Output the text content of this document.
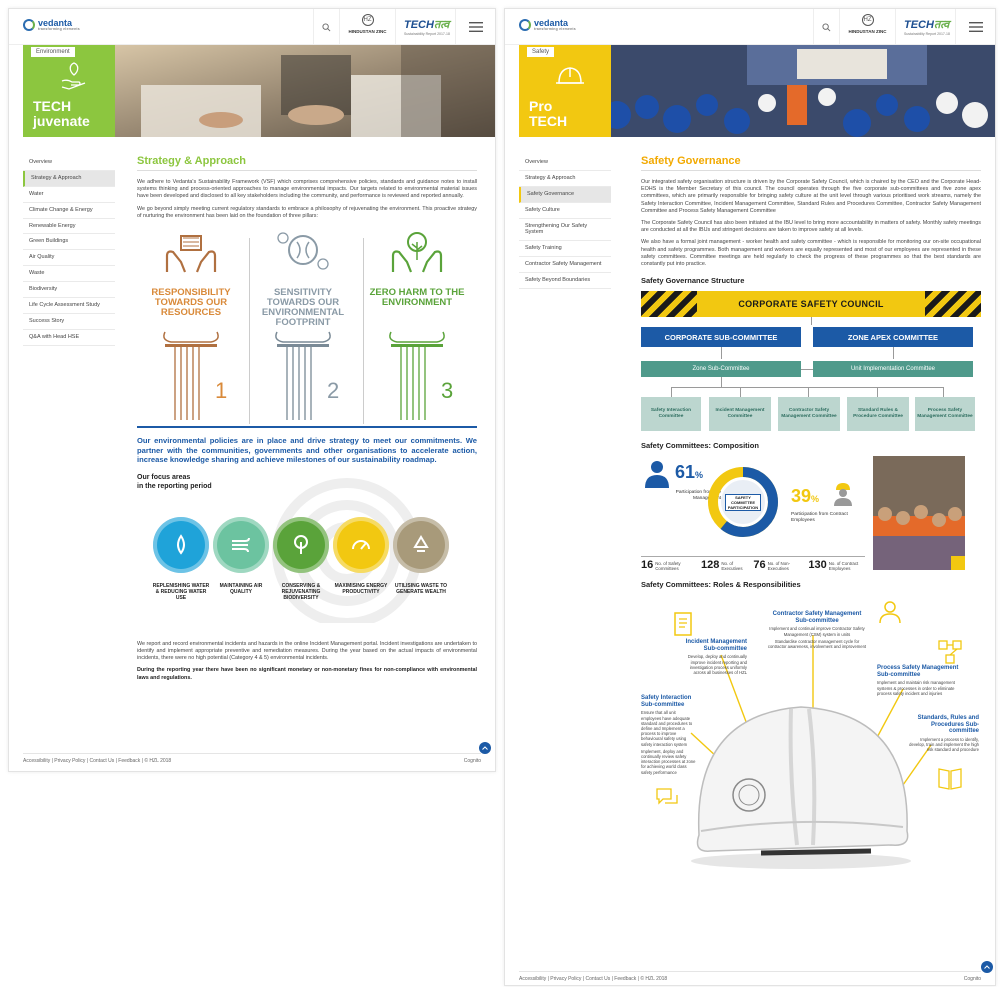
vedanta
transforming elements
HZ
HINDUSTAN ZINC
TECHतत्व
Sustainability Report 2017-18
Environment
TECH
juvenate
Overview
Strategy & Approach
Water
Climate Change & Energy
Renewable Energy
Green Buildings
Air Quality
Waste
Biodiversity
Life Cycle Assessment Study
Success Story
Q&A with Head HSE
Strategy & Approach

We adhere to Vedanta's Sustainability Framework (VSF) which comprises comprehensive policies, standards and guidance notes to install systems thinking and process-oriented approaches to manage environmental impacts. Our targets related to environmental material issues have been developed and disclosed to all key stakeholders including the community, and performance is reviewed and reported annually.

We go beyond simply meeting current regulatory standards to embrace a philosophy of rejuvenating the environment. This proactive strategy of nurturing the environment has been laid on the foundation of three pillars:

RESPONSIBILITY TOWARDS OUR RESOURCES
1
SENSITIVITY TOWARDS OUR ENVIRONMENTAL FOOTPRINT
2
ZERO HARM TO THE ENVIRONMENT
3

Our environmental policies are in place and drive strategy to meet our commitments. We partner with the communities, governments and other organisations to accelerate action, increase knowledge sharing and achieve milestones of our sustainability roadmap.

Our focus areas
in the reporting period
REPLENISHING WATER & REDUCING WATER USE
MAINTAINING AIR QUALITY
CONSERVING & REJUVENATING BIODIVERSITY
MAXIMISING ENERGY PRODUCTIVITY
UTILISING WASTE TO GENERATE WEALTH

We report and record environmental incidents and hazards in the online Incident Management portal. Incident investigations are undertaken to identify and implement appropriate preventive and remediation measures. During the year based on the actual impacts of environmental incidents, there were no high potential (Category 4 & 5) environmental incidents.

During the reporting year there have been no significant monetary or non-monetary fines for non-compliance with environmental laws and regulations.

Accessibility | Privacy Policy | Contact Us | Feedback | © HZL 2018	Cognito
vedanta
transforming elements
HZ
HINDUSTAN ZINC
TECHतत्व
Sustainability Report 2017-18
Safety
Pro
TECH
Overview
Strategy & Approach
Safety Governance
Safety Culture
Strengthening Our Safety System
Safety Training
Contractor Safety Management
Safety Beyond Boundaries
Safety Governance

Our integrated safety organisation structure is driven by the Corporate Safety Council, which is chaired by the CEO and the Corporate Head-EOHS is the Member Secretary of this council. The council operates through the five corporate sub-committees and five zone apex committees, which are primarily responsible for bringing safety culture at the unit level through various prioritised work streams, namely the Safety Interaction Committee, Incident Management Committee, Standard Rules and Procedures Committee, Contractor Safety Management Committee and Process Safety Management Committee

The Corporate Safety Council has also been initiated at the IBU level to bring more accountability in matters of safety. Monthly safety meetings are conducted at all the IBUs and stringent decisions are taken to improve safety at all levels.

We also have a formal joint management - worker health and safety committee - which is responsible for monitoring our on-site occupational health and safety programmes. Both management and workers are equally represented and most of our employees are represented in these safety committees. Committee meetings are held regularly to check the progress of these programmes so that the best standards are constantly put into practice.

Safety Governance Structure
CORPORATE SAFETY COUNCIL
CORPORATE SUB-COMMITTEE	ZONE APEX COMMITTEE
Zone Sub-Committee	Unit Implementation Committee
Safety Interaction Committee
Incident Management Committee
Contractor Safety Management Committee
Standard Rules & Procedure Committee
Process Safety Management Committee
Safety Committees: Composition
61%
Participation from the Management	SAFETY COMMITTEE PARTICIPATION
39%
Participation from Contract Employees
16 No. of Safety Committees	128 No. of Executives 76 No. of Non-Executives	130 No. of Contract Employees
Safety Committees: Roles & Responsibilities
Contractor Safety Management Sub-committee
Implement and continual improve Contractor Safety Management (CSM) system in units
Standardise contractor management cycle for contractor awareness, involvement and improvement
Incident Management Sub-committee
Develop, deploy and continually improve incident reporting and investigation process uniformly across all businesses of HZL
Process Safety Management Sub-committee
Implement and maintain risk management systems & processes in order to eliminate process safety incident and injuries
Safety Interaction Sub-committee
Ensure that all unit employees have adequate standard and procedures to define and Implement a process to improve behavioural safety using safety interaction system
Implement, deploy and continually review safety interaction processes at zone for achieving world class safety performance
Standards, Rules and Procedures Sub-committee
Implement a process to identify, develop, train and implement the high risk standard and procedure
Accessibility | Privacy Policy | Contact Us | Feedback | © HZL 2018	Cognito
